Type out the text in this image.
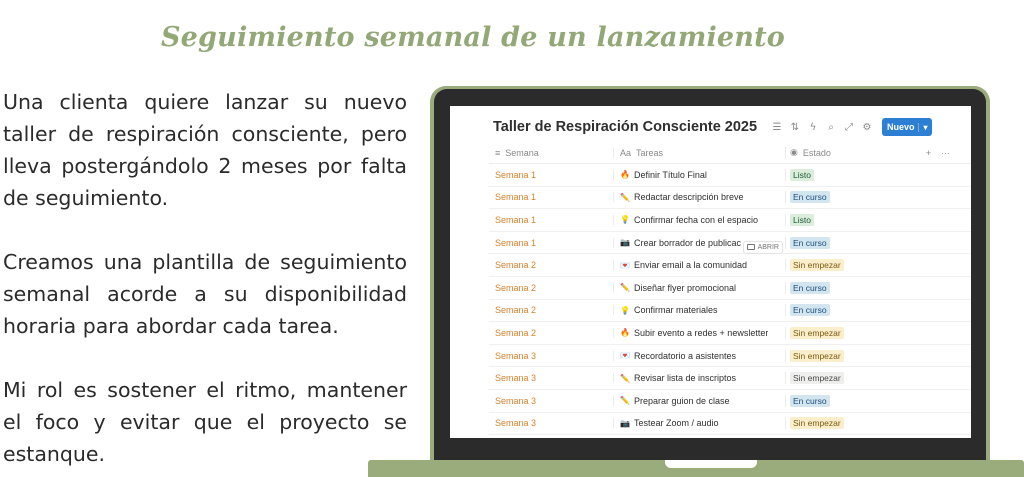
Seguimiento semanal de un lanzamiento

Una clienta quiere lanzar su nuevo taller de respiración consciente, pero lleva postergándolo 2 meses por falta de seguimiento.

Creamos una plantilla de seguimiento semanal acorde a su disponibilidad horaria para abordar cada tarea.

Mi rol es sostener el ritmo, mantener el foco y evitar que el proyecto se estanque.

Taller de Respiración Consciente 2025	☰ ⇅	ϟ	⌕	⤢ ⚙	Nuevo	▾
≡ Semana	Aa Tareas	◉ Estado	+ ···
Semana 1	🔥 Definir Título Final	Listo
Semana 1	✏️ Redactar descripción breve	En curso
Semana 1	💡 Confirmar fecha con el espacio	Listo
Semana 1	📷 Crear borrador de publicac ABRIR	En curso
Semana 2	💌 Enviar email a la comunidad	Sin empezar
Semana 2	✏️ Diseñar flyer promocional	En curso
Semana 2	💡 Confirmar materiales	En curso
Semana 2	🔥 Subir evento a redes + newsletter	Sin empezar
Semana 3	💌 Recordatorio a asistentes	Sin empezar
Semana 3	✏️ Revisar lista de inscriptos	Sin empezar
Semana 3	✏️ Preparar guion de clase	En curso
Semana 3	📷 Testear Zoom / audio	Sin empezar
